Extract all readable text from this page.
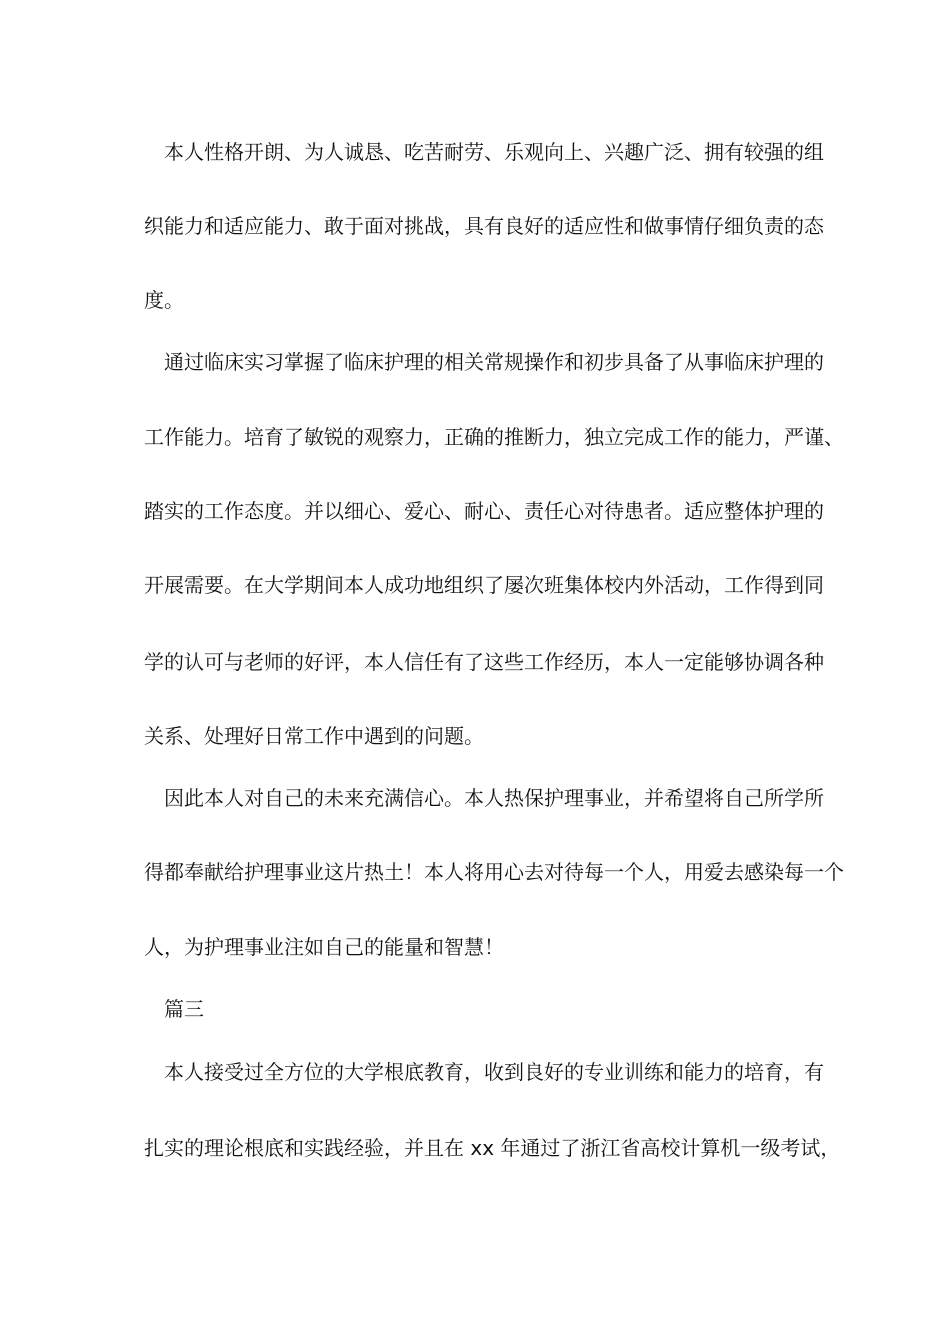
本人性格开朗、为人诚恳、吃苦耐劳、乐观向上、兴趣广泛、拥有较强的组
织能力和适应能力、敢于面对挑战，具有良好的适应性和做事情仔细负责的态
度。
通过临床实习掌握了临床护理的相关常规操作和初步具备了从事临床护理的
工作能力。培育了敏锐的观察力，正确的推断力，独立完成工作的能力，严谨、
踏实的工作态度。并以细心、爱心、耐心、责任心对待患者。适应整体护理的
开展需要。在大学期间本人成功地组织了屡次班集体校内外活动，工作得到同
学的认可与老师的好评，本人信任有了这些工作经历，本人一定能够协调各种
关系、处理好日常工作中遇到的问题。
因此本人对自己的未来充满信心。本人热保护理事业，并希望将自己所学所
得都奉献给护理事业这片热土！本人将用心去对待每一个人，用爱去感染每一个
人，为护理事业注如自己的能量和智慧！
篇三
本人接受过全方位的大学根底教育，收到良好的专业训练和能力的培育，有
扎实的理论根底和实践经验，并且在 xx 年通过了浙江省高校计算机一级考试，
